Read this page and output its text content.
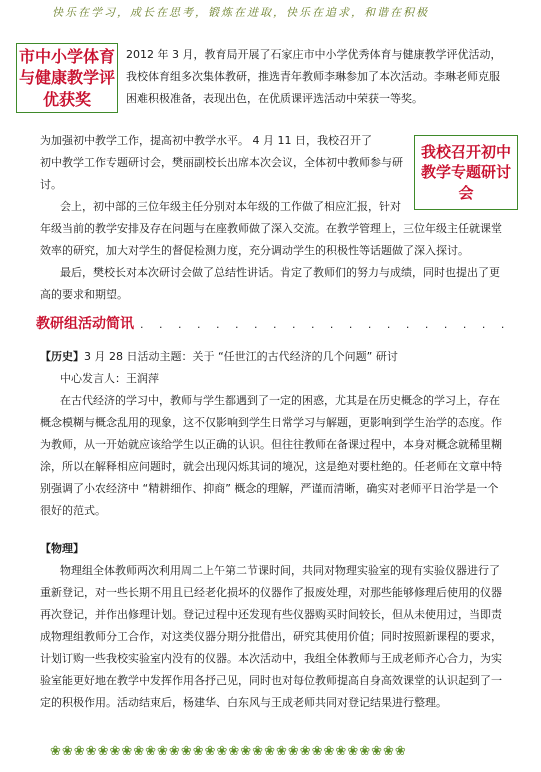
快乐在学习，成长在思考，锻炼在进取，快乐在追求，和谐在积极
市中小学体育与健康教学评优获奖
2012 年 3 月，教育局开展了石家庄市中小学优秀体育与健康教学评优活动，
我校体育组多次集体教研，推选青年教师李琳参加了本次活动。李琳老师克服
困难积极准备，表现出色，在优质课评选活动中荣获一等奖。
我校召开初中教学专题研讨会
为加强初中教学工作，提高初中教学水平。 4 月 11 日，我校召开了
初中教学工作专题研讨会，樊丽副校长出席本次会议，全体初中教师参与研
讨。
会上，初中部的三位年级主任分别对本年级的工作做了相应汇报，针对
年级当前的教学安排及存在问题与在座教师做了深入交流。在教学管理上，三位年级主任就课堂
效率的研究，加大对学生的督促检测力度，充分调动学生的积极性等话题做了深入探讨。
最后，樊校长对本次研讨会做了总结性讲话。肯定了教师们的努力与成绩，同时也提出了更
高的要求和期望。
教研组活动简讯 . . . . . . . . . . . . . . . . . . . .
【历史】3 月 28 日活动主题：关于 “任世江的古代经济的几个问题” 研讨
中心发言人：王润萍
在古代经济的学习中，教师与学生都遇到了一定的困惑，尤其是在历史概念的学习上，存在
概念模糊与概念乱用的现象，这不仅影响到学生日常学习与解题，更影响到学生治学的态度。作
为教师，从一开始就应该给学生以正确的认识。但往往教师在备课过程中，本身对概念就稀里糊
涂，所以在解释相应问题时，就会出现闪烁其词的境况，这是绝对要杜绝的。任老师在文章中特
别强调了小农经济中 “精耕细作、抑商” 概念的理解，严谨而清晰，确实对老师平日治学是一个
很好的范式。
【物理】
物理组全体教师两次利用周二上午第二节课时间，共同对物理实验室的现有实验仪器进行了
重新登记，对一些长期不用且已经老化损坏的仪器作了报废处理，对那些能够修理后使用的仪器
再次登记，并作出修理计划。登记过程中还发现有些仪器购买时间较长，但从未使用过，当即责
成物理组教师分工合作，对这类仪器分期分批借出，研究其使用价值；同时按照新课程的要求，
计划订购一些我校实验室内没有的仪器。本次活动中，我组全体教师与王成老师齐心合力，为实
验室能更好地在教学中发挥作用各抒己见，同时也对每位教师提高自身高效课堂的认识起到了一
定的积极作用。活动结束后，杨建华、白东风与王成老师共同对登记结果进行整理。
❀❀❀❀❀❀❀❀❀❀❀❀❀❀❀❀❀❀❀❀❀❀❀❀❀❀❀❀❀❀
